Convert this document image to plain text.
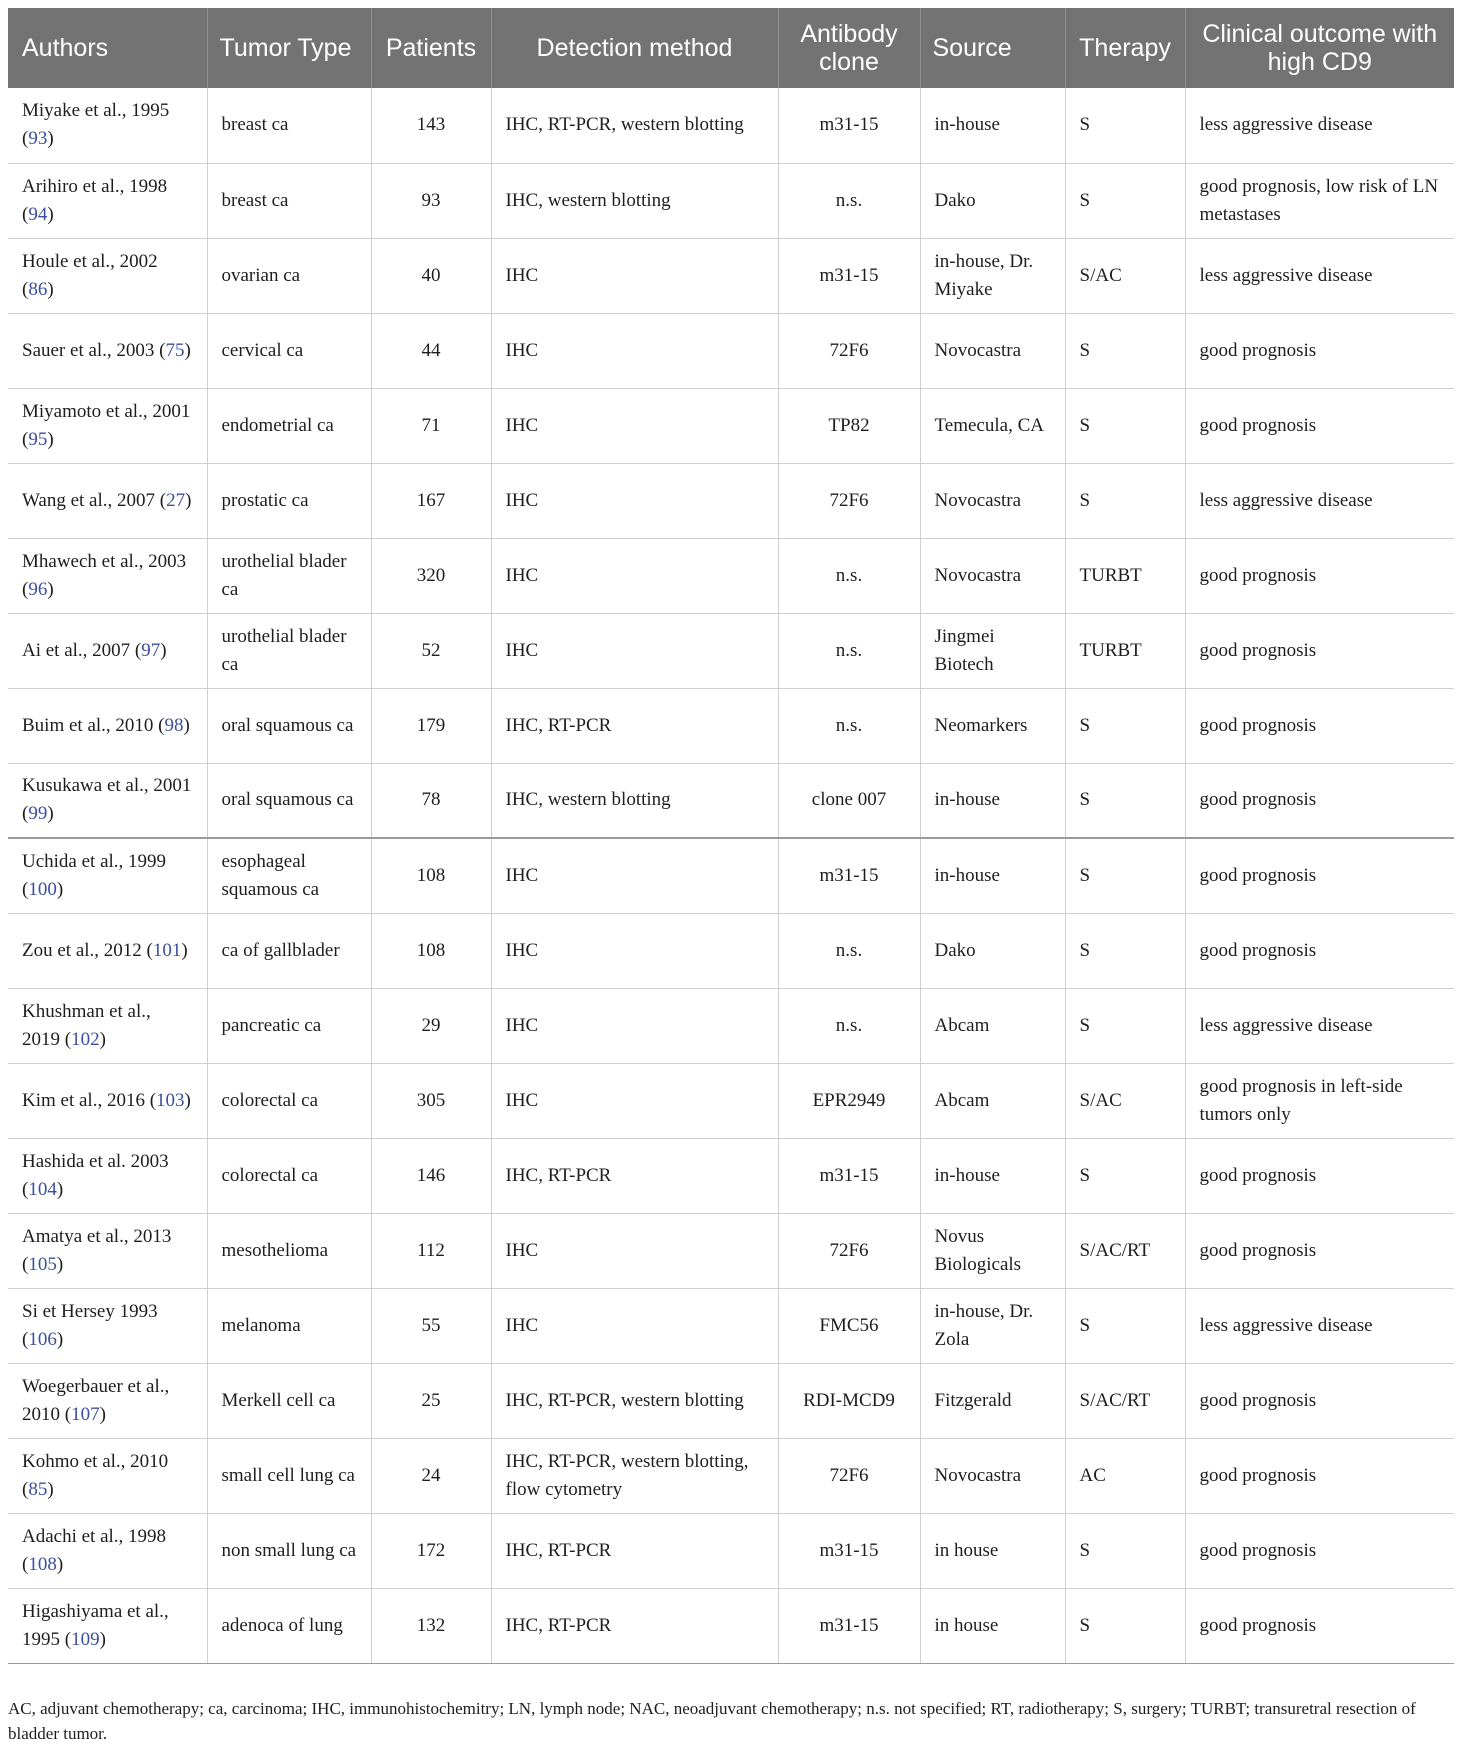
Authors	Tumor Type	Patients	Detection method	Antibody clone	Source	Therapy	Clinical outcome with high CD9
Miyake et al., 1995 (93)	breast ca	143	IHC, RT-PCR, western blotting	m31-15	in-house	S	less aggressive disease
Arihiro et al., 1998 (94)	breast ca	93	IHC, western blotting	n.s.	Dako	S	good prognosis, low risk of LN metastases
Houle et al., 2002 (86)	ovarian ca	40	IHC	m31-15	in-house, Dr. Miyake	S/AC	less aggressive disease
Sauer et al., 2003 (75)	cervical ca	44	IHC	72F6	Novocastra	S	good prognosis
Miyamoto et al., 2001 (95)	endometrial ca	71	IHC	TP82	Temecula, CA	S	good prognosis
Wang et al., 2007 (27)	prostatic ca	167	IHC	72F6	Novocastra	S	less aggressive disease
Mhawech et al., 2003 (96)	urothelial blader ca	320	IHC	n.s.	Novocastra	TURBT	good prognosis
Ai et al., 2007 (97)	urothelial blader ca	52	IHC	n.s.	Jingmei Biotech	TURBT	good prognosis
Buim et al., 2010 (98)	oral squamous ca	179	IHC, RT-PCR	n.s.	Neomarkers	S	good prognosis
Kusukawa et al., 2001 (99)	oral squamous ca	78	IHC, western blotting	clone 007	in-house	S	good prognosis
Uchida et al., 1999 (100)	esophageal squamous ca	108	IHC	m31-15	in-house	S	good prognosis
Zou et al., 2012 (101)	ca of gallblader	108	IHC	n.s.	Dako	S	good prognosis
Khushman et al., 2019 (102)	pancreatic ca	29	IHC	n.s.	Abcam	S	less aggressive disease
Kim et al., 2016 (103)	colorectal ca	305	IHC	EPR2949	Abcam	S/AC	good prognosis in left-side tumors only
Hashida et al. 2003 (104)	colorectal ca	146	IHC, RT-PCR	m31-15	in-house	S	good prognosis
Amatya et al., 2013 (105)	mesothelioma	112	IHC	72F6	Novus Biologicals	S/AC/RT	good prognosis
Si et Hersey 1993 (106)	melanoma	55	IHC	FMC56	in-house, Dr. Zola	S	less aggressive disease
Woegerbauer et al., 2010 (107)	Merkell cell ca	25	IHC, RT-PCR, western blotting	RDI-MCD9	Fitzgerald	S/AC/RT	good prognosis
Kohmo et al., 2010 (85)	small cell lung ca	24	IHC, RT-PCR, western blotting, flow cytometry	72F6	Novocastra	AC	good prognosis
Adachi et al., 1998 (108)	non small lung ca	172	IHC, RT-PCR	m31-15	in house	S	good prognosis
Higashiyama et al., 1995 (109)	adenoca of lung	132	IHC, RT-PCR	m31-15	in house	S	good prognosis
AC, adjuvant chemotherapy; ca, carcinoma; IHC, immunohistochemitry; LN, lymph node; NAC, neoadjuvant chemotherapy; n.s. not specified; RT, radiotherapy; S, surgery; TURBT; transuretral resection of bladder tumor.
